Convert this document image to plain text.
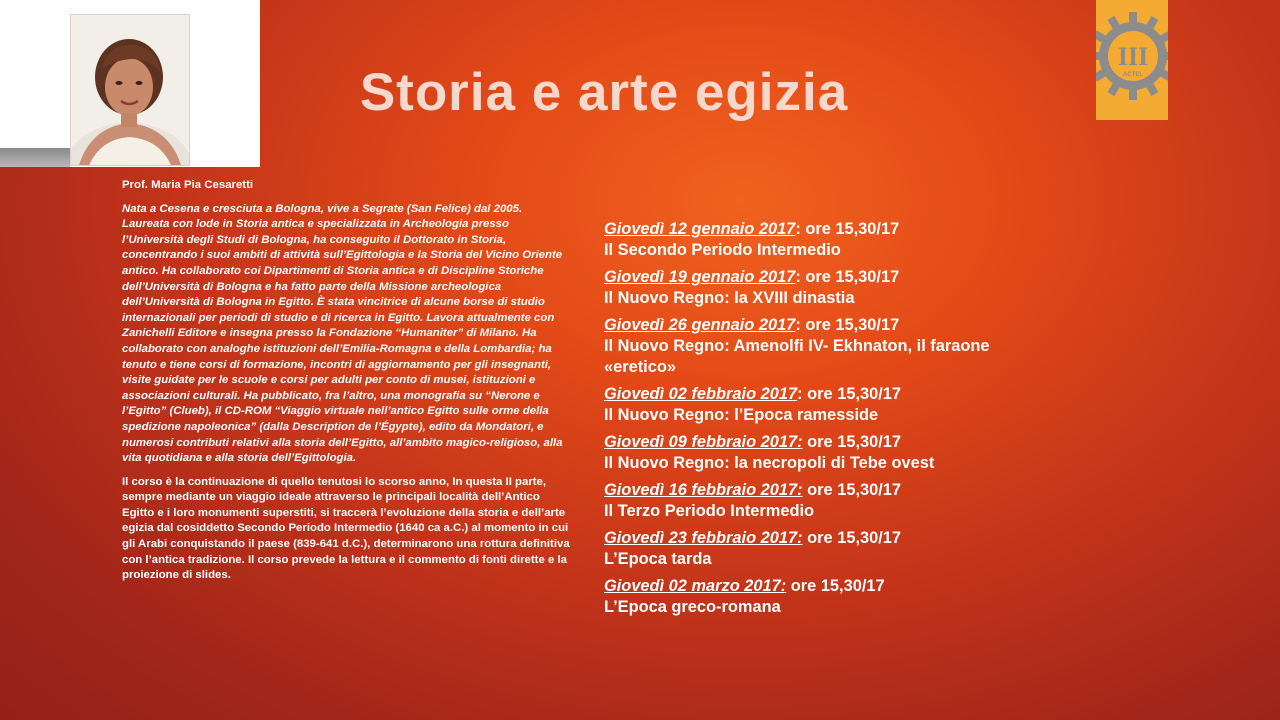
Storia e arte egizia
III
ACTEL

Prof. Maria Pia Cesaretti

Nata a Cesena e cresciuta a Bologna, vive a Segrate (San Felice) dal 2005. Laureata con lode in Storia antica e specializzata in Archeologia presso l’Università degli Studi di Bologna, ha conseguito il Dottorato in Storia, concentrando i suoi ambiti di attività sull’Egittologia e la Storia del Vicino Oriente antico. Ha collaborato coi Dipartimenti di Storia antica e di Discipline Storiche dell’Università di Bologna e ha fatto parte della Missione archeologica dell’Università di Bologna in Egitto. È stata vincitrice di alcune borse di studio internazionali per periodi di studio e di ricerca in Egitto. Lavora attualmente con Zanichelli Editore e insegna presso la Fondazione “Humaniter” di Milano. Ha collaborato con analoghe istituzioni dell’Emilia-Romagna e della Lombardia; ha tenuto e tiene corsi di formazione, incontri di aggiornamento per gli insegnanti, visite guidate per le scuole e corsi per adulti per conto di musei, istituzioni e associazioni culturali. Ha pubblicato, fra l’altro, una monografia su “Nerone e l’Egitto” (Clueb), il CD-ROM “Viaggio virtuale nell’antico Egitto sulle orme della spedizione napoleonica” (dalla Description de l’Égypte), edito da Mondatori, e numerosi contributi relativi alla storia dell’Egitto, all’ambito magico-religioso, alla vita quotidiana e alla storia dell’Egittologia.

Il corso è la continuazione di quello tenutosi lo scorso anno, In questa II parte, sempre mediante un viaggio ideale attraverso le principali località dell’Antico Egitto e i loro monumenti superstiti, si traccerà l’evoluzione della storia e dell’arte egizia dal cosiddetto Secondo Periodo Intermedio (1640 ca a.C.) al momento in cui gli Arabi conquistando il paese (839-641 d.C.), determinarono una rottura definitiva con l’antica tradizione. Il corso prevede la lettura e il commento di fonti dirette e la proiezione di slides.

Giovedì 12 gennaio 2017: ore 15,30/17
Il Secondo Periodo Intermedio
Giovedì 19 gennaio 2017: ore 15,30/17
Il Nuovo Regno: la XVIII dinastia
Giovedì 26 gennaio 2017: ore 15,30/17
Il Nuovo Regno: Amenolfi IV- Ekhnaton, il faraone «eretico»
Giovedì 02 febbraio 2017: ore 15,30/17
Il Nuovo Regno: l’Epoca ramesside
Giovedì 09 febbraio 2017: ore 15,30/17
Il Nuovo Regno: la necropoli di Tebe ovest
Giovedì 16 febbraio 2017: ore 15,30/17
Il Terzo Periodo Intermedio
Giovedì 23 febbraio 2017: ore 15,30/17
L’Epoca tarda
Giovedì 02 marzo 2017: ore 15,30/17
L’Epoca greco-romana
